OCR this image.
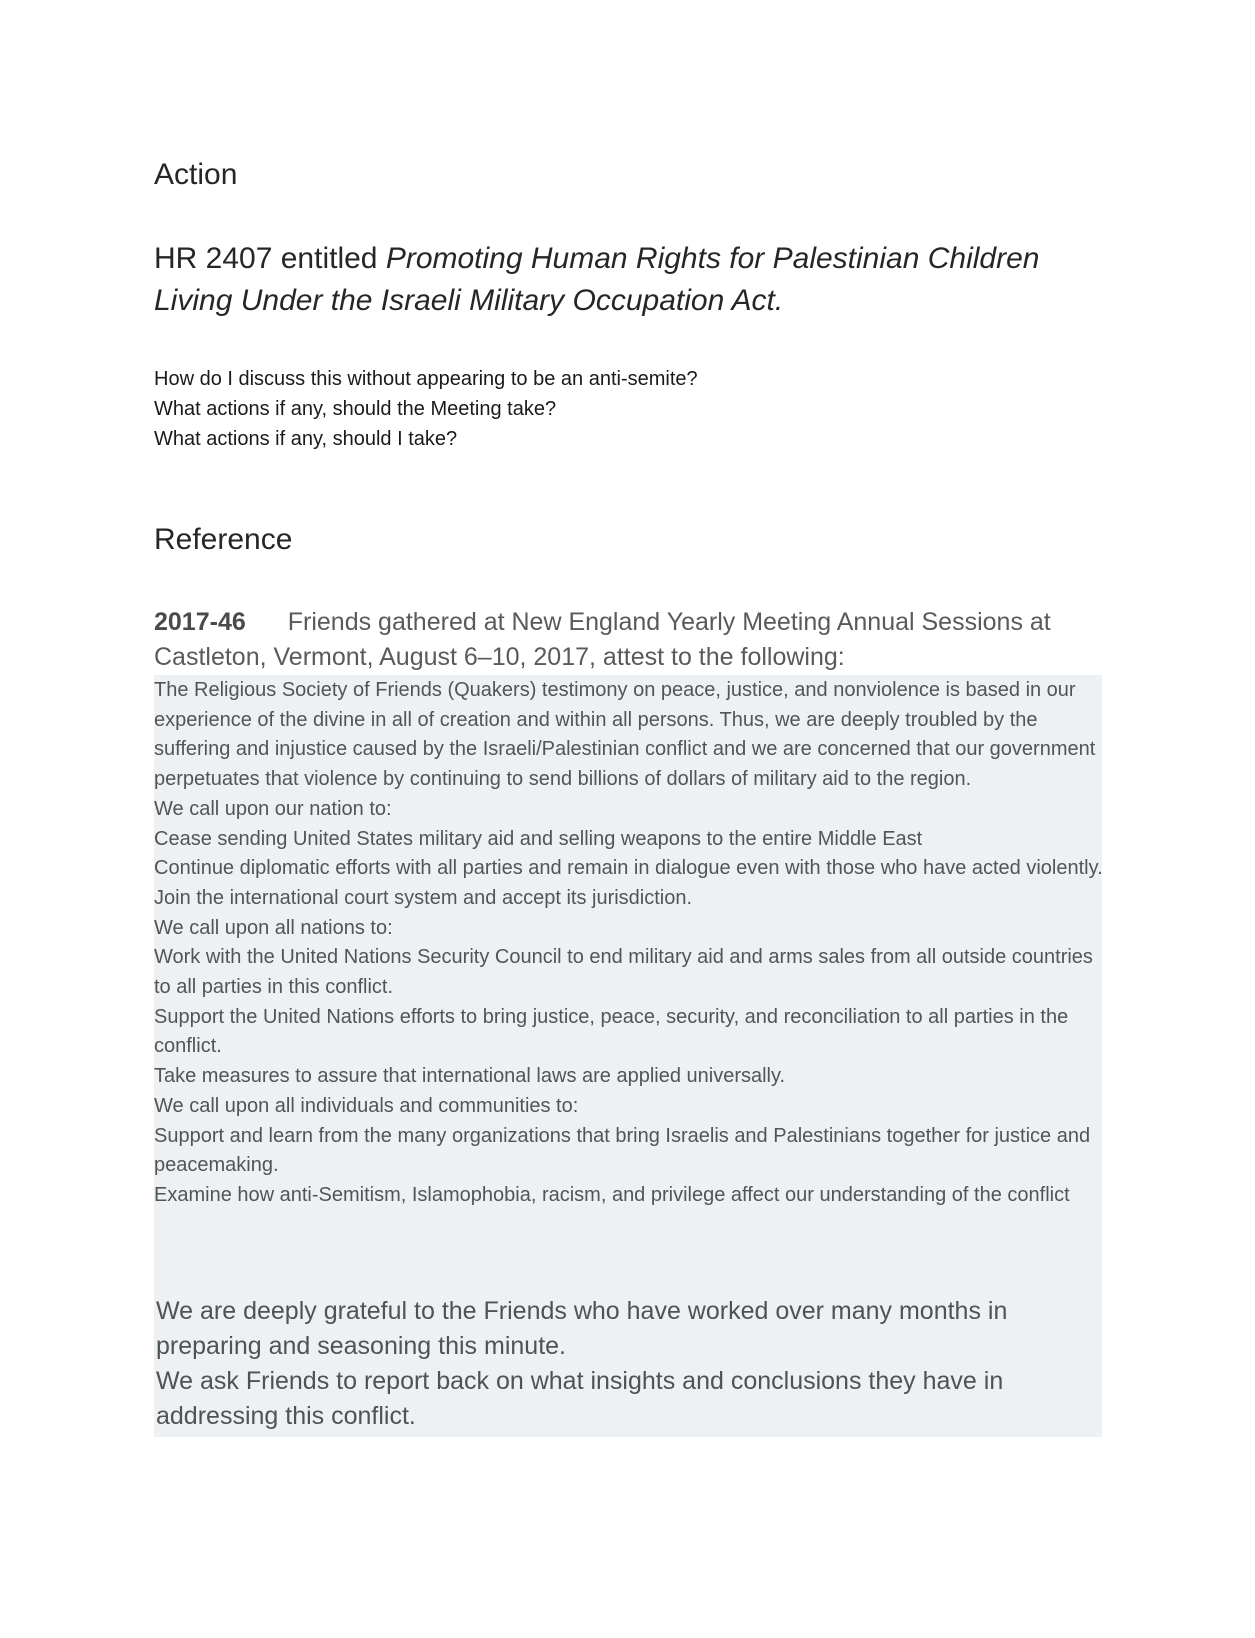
Action

HR 2407 entitled Promoting Human Rights for Palestinian Children Living Under the Israeli Military Occupation Act.

How do I discuss this without appearing to be an anti-semite?
What actions if any, should the Meeting take?
What actions if any, should I take?
Reference
2017-46 Friends gathered at New England Yearly Meeting Annual Sessions at Castleton, Vermont, August 6–10, 2017, attest to the following:
The Religious Society of Friends (Quakers) testimony on peace, justice, and nonviolence is based in our experience of the divine in all of creation and within all persons. Thus, we are deeply troubled by the suffering and injustice caused by the Israeli/Palestinian conflict and we are concerned that our government perpetuates that violence by continuing to send billions of dollars of military aid to the region.
We call upon our nation to:
Cease sending United States military aid and selling weapons to the entire Middle East
Continue diplomatic efforts with all parties and remain in dialogue even with those who have acted violently.
Join the international court system and accept its jurisdiction.
We call upon all nations to:
Work with the United Nations Security Council to end military aid and arms sales from all outside countries to all parties in this conflict.
Support the United Nations efforts to bring justice, peace, security, and reconciliation to all parties in the conflict.
Take measures to assure that international laws are applied universally.
We call upon all individuals and communities to:
Support and learn from the many organizations that bring Israelis and Palestinians together for justice and peacemaking.
Examine how anti-Semitism, Islamophobia, racism, and privilege affect our understanding of the conflict
We are deeply grateful to the Friends who have worked over many months in preparing and seasoning this minute.
We ask Friends to report back on what insights and conclusions they have in addressing this conflict.
